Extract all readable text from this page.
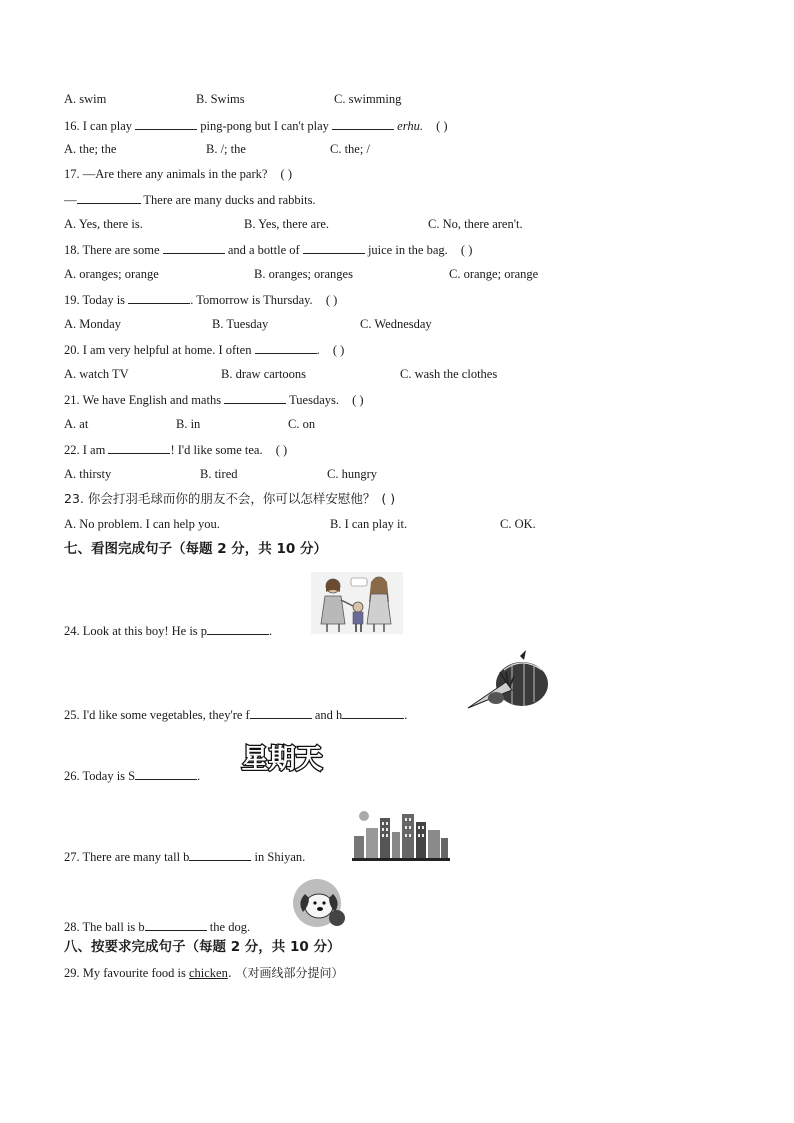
A. swim	B. Swims	C. swimming
16. I can play	ping-pong but I can't play	erhu. ( )
A. the; the	B. /; the	C. the; /
17. —Are there any animals in the park? ( )
—	There are many ducks and rabbits.
A. Yes, there is.	B. Yes, there are.	C. No, there aren't.
18. There are some	and a bottle of	juice in the bag. ( )
A. oranges; orange	B. oranges; oranges	C. orange; orange
19. Today is	. Tomorrow is Thursday. ( )
A. Monday	B. Tuesday	C. Wednesday
20. I am very helpful at home. I often	. ( )
A. watch TV	B. draw cartoons	C. wash the clothes
21. We have English and maths	Tuesdays. ( )
A. at	B. in	C. on
22. I am	! I'd like some tea. ( )
A. thirsty	B. tired	C. hungry
23. 你会打羽毛球而你的朋友不会，你可以怎样安慰他？ ( )
A. No problem. I can help you.	B. I can play it.	C. OK.
七、看图完成句子（每题 2 分，共 10 分）
24. Look at this boy! He is p	.
25. I'd like some vegetables, they're f	and h	.
星期天
26. Today is S	.
27. There are many tall b	in Shiyan.
28. The ball is b	the dog.
八、按要求完成句子（每题 2 分，共 10 分）
29. My favourite food is chicken. （对画线部分提问）
